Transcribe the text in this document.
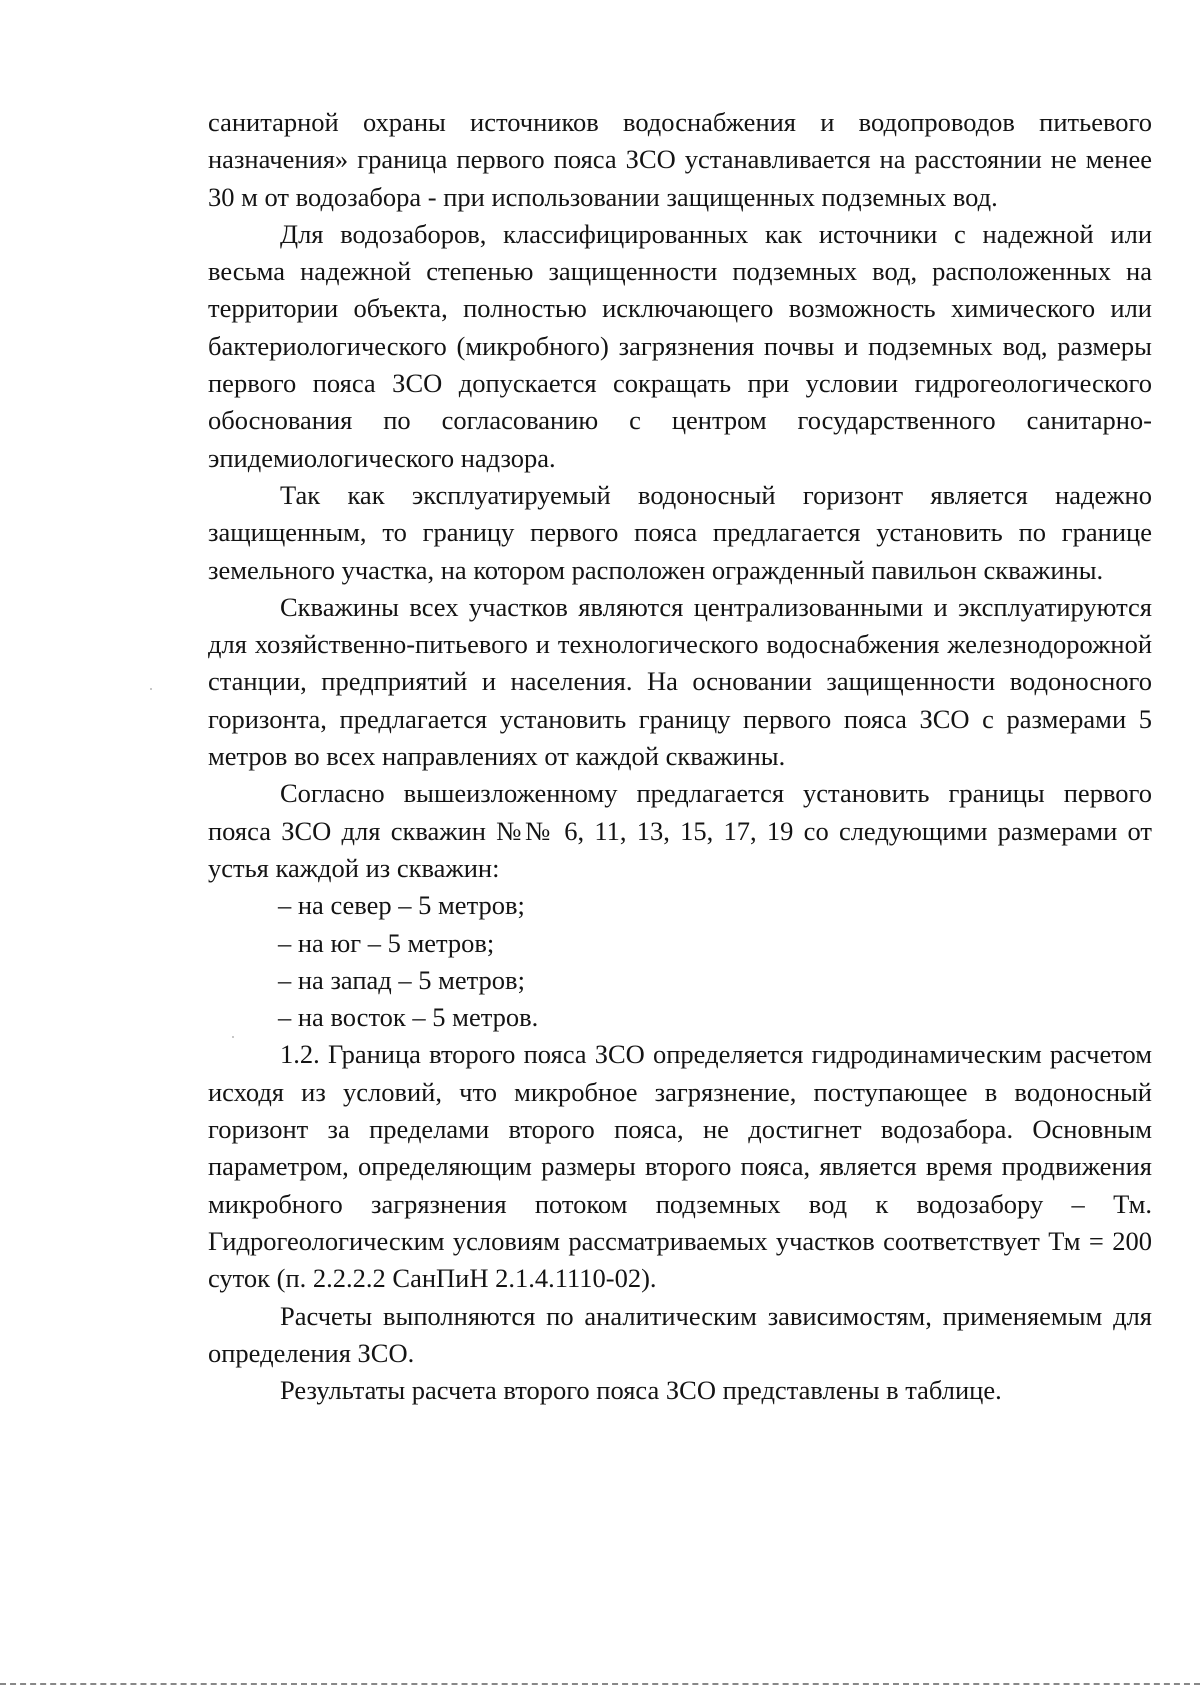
санитарной охраны источников водоснабжения и водопроводов питьевого назначения» граница первого пояса ЗСО устанавливается на расстоянии не менее 30 м от водозабора - при использовании защищенных подземных вод.

Для водозаборов, классифицированных как источники с надежной или весьма надежной степенью защищенности подземных вод, расположенных на территории объекта, полностью исключающего возможность химического или бактериологического (микробного) загрязнения почвы и подземных вод, размеры первого пояса ЗСО допускается сокращать при условии гидрогеологического обоснования по согласованию с центром государственного санитарно-эпидемиологического надзора.

Так как эксплуатируемый водоносный горизонт является надежно защищенным, то границу первого пояса предлагается установить по границе земельного участка, на котором расположен огражденный павильон скважины.

Скважины всех участков являются централизованными и эксплуатируются для хозяйственно-питьевого и технологического водоснабжения железнодорожной станции, предприятий и населения. На основании защищенности водоносного горизонта, предлагается установить границу первого пояса ЗСО с размерами 5 метров во всех направлениях от каждой скважины.

Согласно вышеизложенному предлагается установить границы первого пояса ЗСО для скважин №№ 6, 11, 13, 15, 17, 19 со следующими размерами от устья каждой из скважин:

– на север – 5 метров;

– на юг – 5 метров;

– на запад – 5 метров;

– на восток – 5 метров.

1.2. Граница второго пояса ЗСО определяется гидродинамическим расчетом исходя из условий, что микробное загрязнение, поступающее в водоносный горизонт за пределами второго пояса, не достигнет водозабора. Основным параметром, определяющим размеры второго пояса, является время продвижения микробного загрязнения потоком подземных вод к водозабору – Тм. Гидрогеологическим условиям рассматриваемых участков соответствует Тм = 200 суток (п. 2.2.2.2 СанПиН 2.1.4.1110-02).

Расчеты выполняются по аналитическим зависимостям, применяемым для определения ЗСО.

Результаты расчета второго пояса ЗСО представлены в таблице.
